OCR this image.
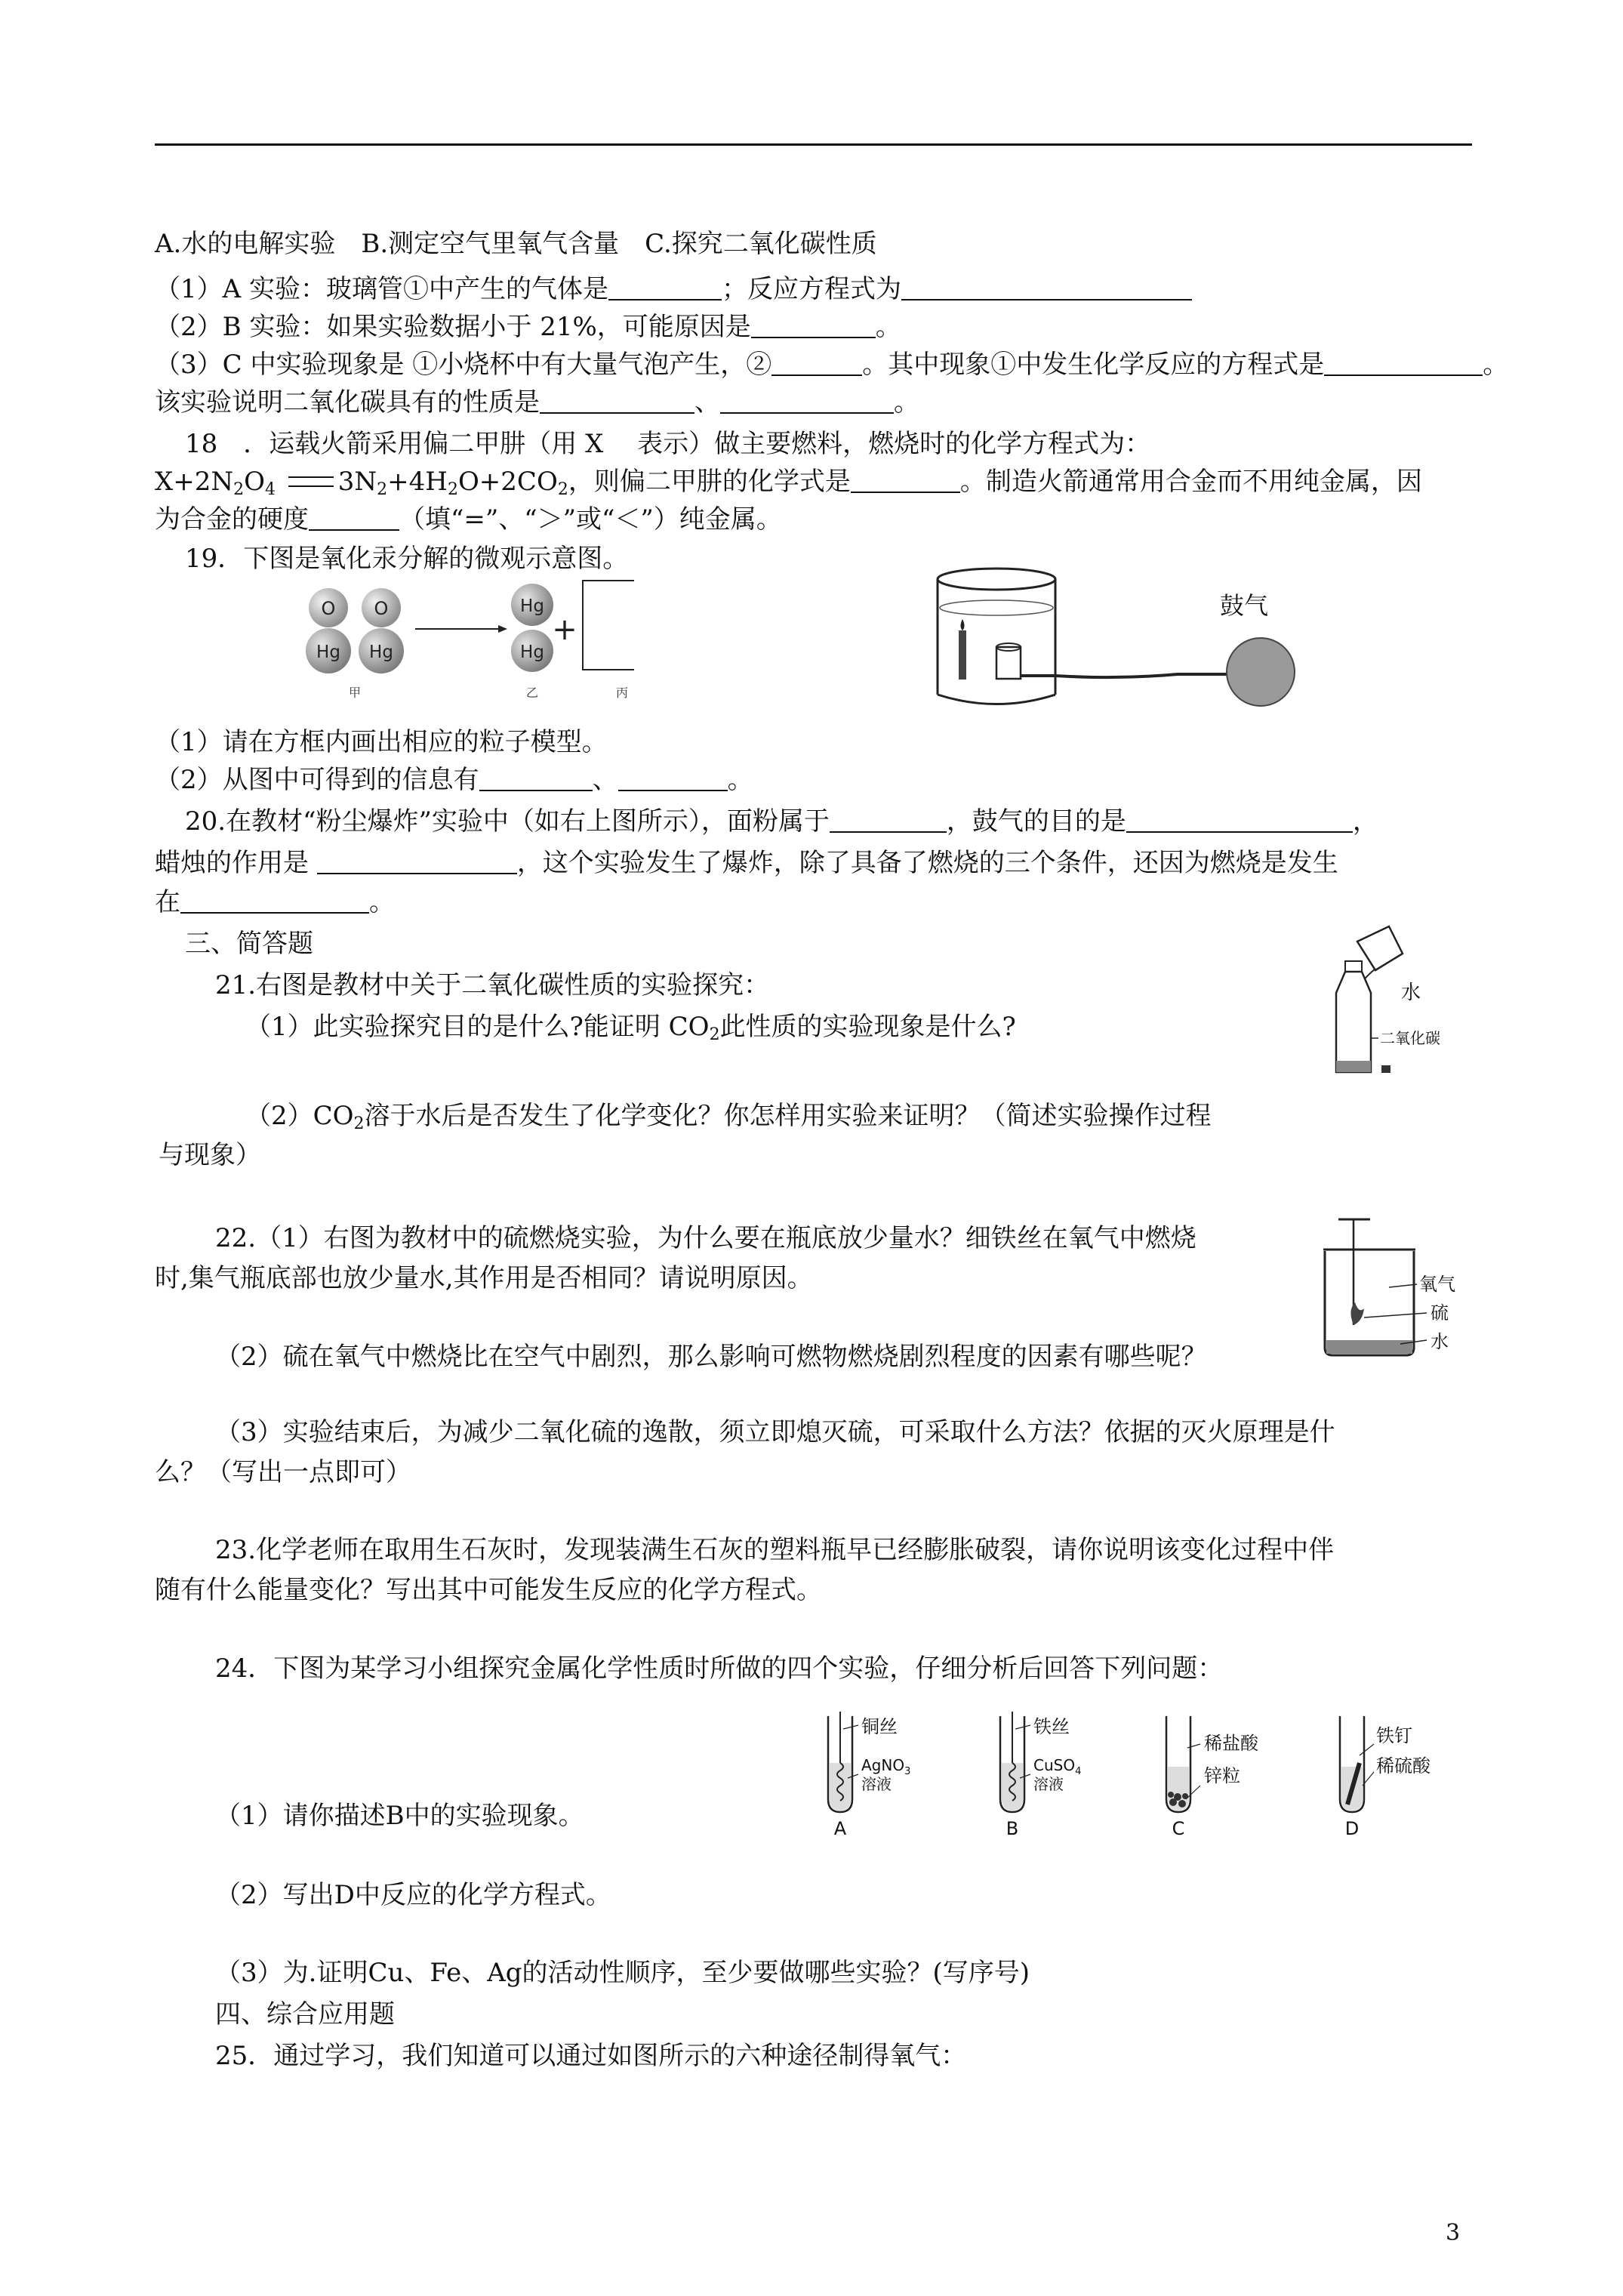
A.水的电解实验　B.测定空气里氧气含量　C.探究二氧化碳性质
（1）A 实验：玻璃管①中产生的气体是	；反应方程式为
（2）B 实验：如果实验数据小于 21%，可能原因是	。
（3）C 中实验现象是 ①小烧杯中有大量气泡产生，②	。其中现象①中发生化学反应的方程式是	。
该实验说明二氧化碳具有的性质是	、	。
18　．运载火箭采用偏二甲肼（用 X　 表示）做主要燃料，燃烧时的化学方程式为：
$X+2N_2O_4$ $3N_2+4H_2O+2CO_2$，则偏二甲肼的化学式是	。制造火箭通常用合金而不用纯金属，因
为合金的硬度	（填“=”、“＞”或“＜”）纯金属。
19．下图是氧化汞分解的微观示意图。
O
Hg
O
Hg
Hg
Hg
+
甲	乙	丙
鼓气
（1）请在方框内画出相应的粒子模型。
（2）从图中可得到的信息有	、	。
20.在教材“粉尘爆炸”实验中（如右上图所示），面粉属于	，鼓气的目的是	，
蜡烛的作用是	，这个实验发生了爆炸，除了具备了燃烧的三个条件，还因为燃烧是发生
在	。
三、简答题
21.右图是教材中关于二氧化碳性质的实验探究：
（1）此实验探究目的是什么?能证明 $CO_2$此性质的实验现象是什么?
$(2)CO_2$溶于水后是否发生了化学变化？你怎样用实验来证明？（简述实验操作过程
与现象）
水
二氧化碳
22.（1）右图为教材中的硫燃烧实验，为什么要在瓶底放少量水？细铁丝在氧气中燃烧
时,集气瓶底部也放少量水,其作用是否相同？请说明原因。
（2）硫在氧气中燃烧比在空气中剧烈，那么影响可燃物燃烧剧烈程度的因素有哪些呢？
（3）实验结束后，为减少二氧化硫的逸散，须立即熄灭硫，可采取什么方法？依据的灭火原理是什
么？（写出一点即可）
氧气
硫
水
23.化学老师在取用生石灰时，发现装满生石灰的塑料瓶早已经膨胀破裂，请你说明该变化过程中伴
随有什么能量变化？写出其中可能发生反应的化学方程式。
24．下图为某学习小组探究金属化学性质时所做的四个实验，仔细分析后回答下列问题：
铜丝
AgNO$_3$
溶液
A
铁丝
CuSO$_4$
溶液
B
稀盐酸
锌粒
C
铁钉
稀硫酸
D
（1）请你描述B中的实验现象。
（2）写出D中反应的化学方程式。
（3）为.证明Cu、Fe、Ag的活动性顺序，至少要做哪些实验？(写序号)
四、综合应用题
25．通过学习，我们知道可以通过如图所示的六种途径制得氧气：
3
